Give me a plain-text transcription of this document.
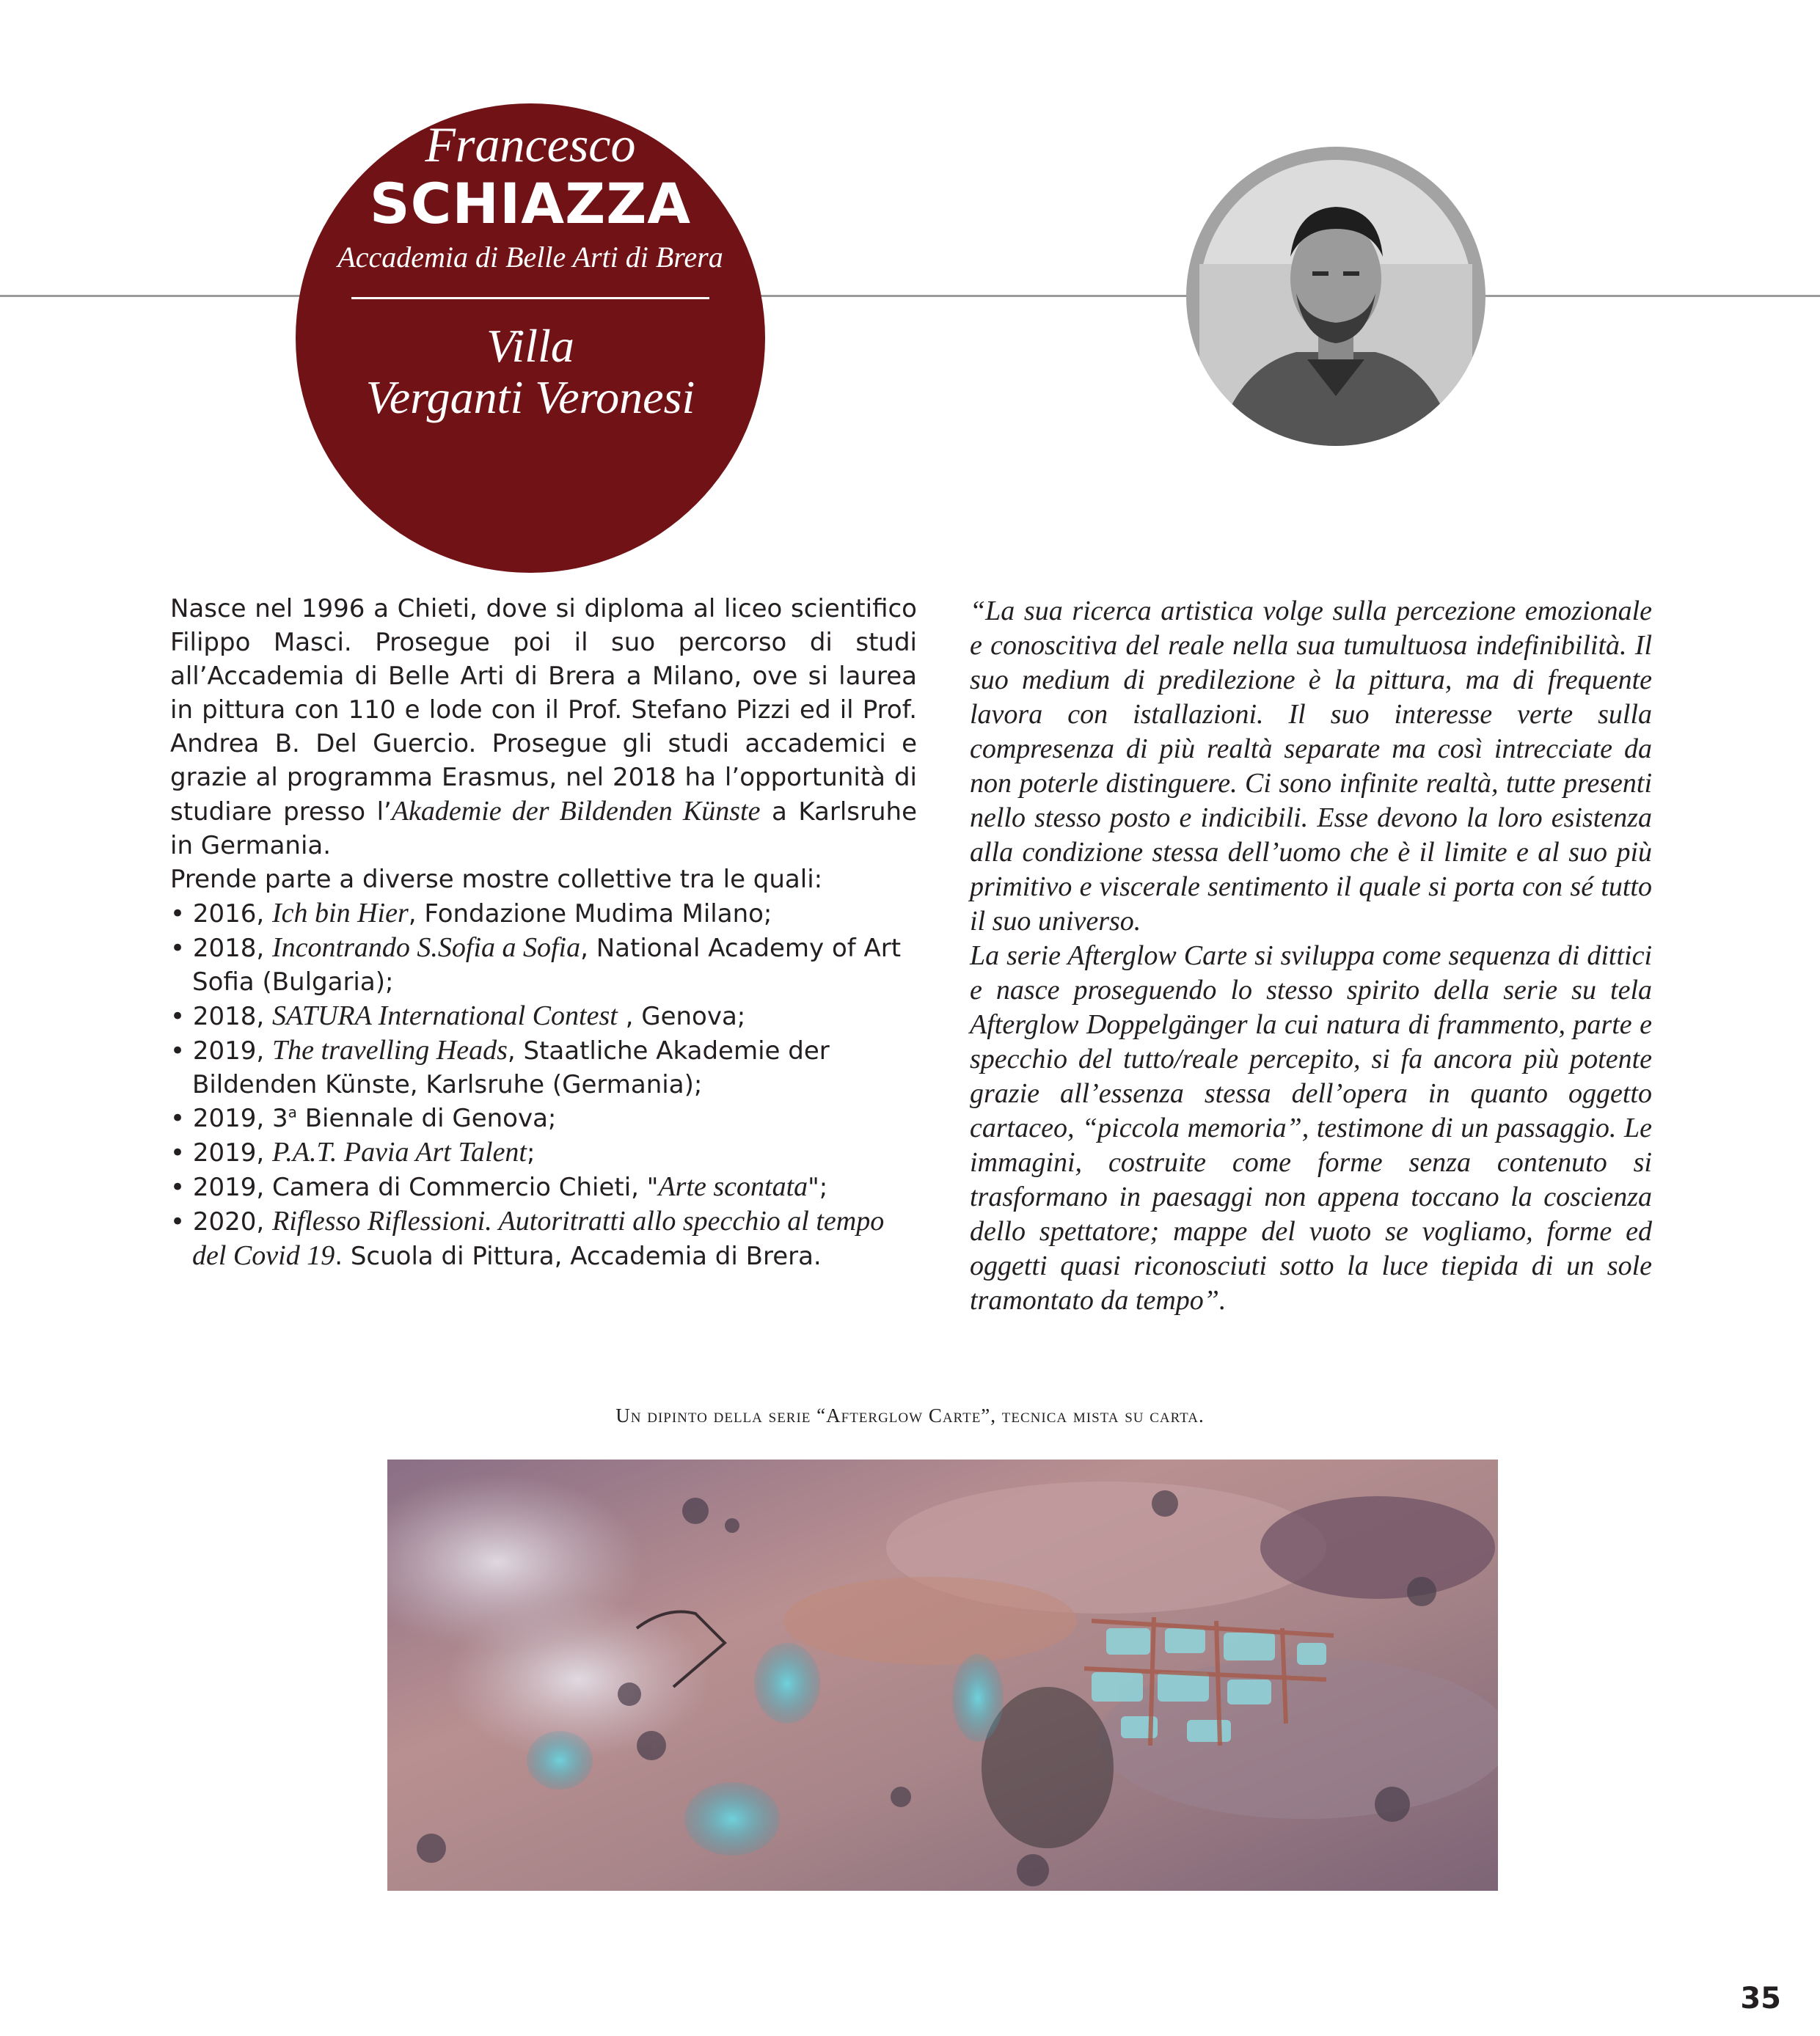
Francesco
SCHIAZZA
Accademia di Belle Arti di Brera
Villa
Verganti Veronesi

Nasce nel 1996 a Chieti, dove si diploma al liceo scientifico Filippo Masci. Prosegue poi il suo percorso di studi all’Accademia di Belle Arti di Brera a Milano, ove si laurea in pittura con 110 e lode con il Prof. Stefano Pizzi ed il Prof. Andrea B. Del Guercio. Prosegue gli studi accademici e grazie al programma Erasmus, nel 2018 ha l’opportunità di studiare presso l’Akademie der Bildenden Künste a Karlsruhe in Germania.

Prende parte a diverse mostre collettive tra le quali:

• 2016, Ich bin Hier, Fondazione Mudima Milano;
• 2018, Incontrando S.Sofia a Sofia, National Academy of Art Sofia (Bulgaria);
• 2018, SATURA International Contest , Genova;
• 2019, The travelling Heads, Staatliche Akademie der Bildenden Künste, Karlsruhe (Germania);
• 2019, 3$^a$ Biennale di Genova;
• 2019, P.A.T. Pavia Art Talent;
• 2019, Camera di Commercio Chieti, "Arte scontata";
• 2020, Riflesso Riflessioni. Autoritratti allo specchio al tempo del Covid 19. Scuola di Pittura, Accademia di Brera.

“La sua ricerca artistica volge sulla percezione emozionale e conoscitiva del reale nella sua tumultuosa indefinibilità. Il suo medium di predilezione è la pittura, ma di frequente lavora con istallazioni. Il suo interesse verte sulla compresenza di più realtà separate ma così intrecciate da non poterle distinguere. Ci sono infinite realtà, tutte presenti nello stesso posto e indicibili. Esse devono la loro esistenza alla condizione stessa dell’uomo che è il limite e al suo più primitivo e viscerale sentimento il quale si porta con sé tutto il suo universo.

La serie Afterglow Carte si sviluppa come sequenza di dittici e nasce proseguendo lo stesso spirito della serie su tela Afterglow Doppelgänger la cui natura di frammento, parte e specchio del tutto/reale percepito, si fa ancora più potente grazie all’essenza stessa dell’opera in quanto oggetto cartaceo, “piccola memoria”, testimone di un passaggio. Le immagini, costruite come forme senza contenuto si trasformano in paesaggi non appena toccano la coscienza dello spettatore; mappe del vuoto se vogliamo, forme ed oggetti quasi riconosciuti sotto la luce tiepida di un sole tramontato da tempo”.

Un dipinto della serie “Afterglow Carte”, tecnica mista su carta.
35
